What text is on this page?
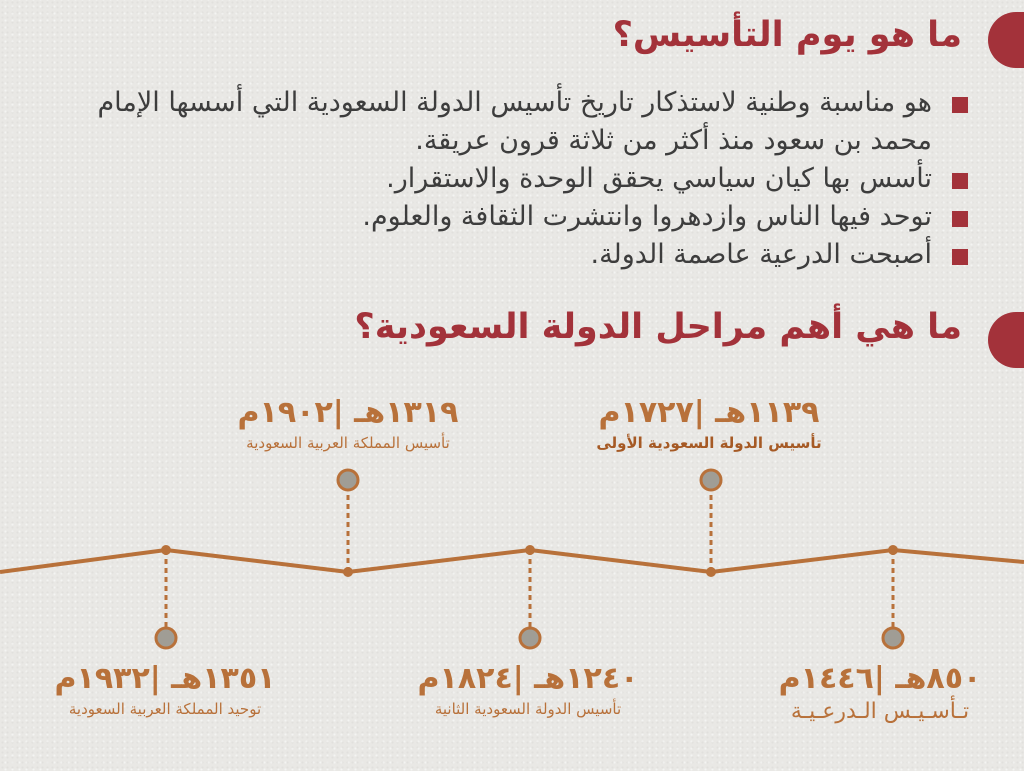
ما هو يوم التأسيس؟
هو مناسبة وطنية لاستذكار تاريخ تأسيس الدولة السعودية التي أسسها الإمام محمد بن سعود منذ أكثر من ثلاثة قرون عريقة.
تأسس بها كيان سياسي يحقق الوحدة والاستقرار.
توحد فيها الناس وازدهروا وانتشرت الثقافة والعلوم.
أصبحت الدرعية عاصمة الدولة.
ما هي أهم مراحل الدولة السعودية؟
٨٥٠هـ |١٤٤٦م
تـأسـيـس الـدرعـيـة
١١٣٩هـ |١٧٢٧م
تأسيس الدولة السعودية الأولى
١٢٤٠هـ |١٨٢٤م
تأسيس الدولة السعودية الثانية
١٣١٩هـ |١٩٠٢م
تأسيس المملكة العربية السعودية
١٣٥١هـ |١٩٣٢م
توحيد المملكة العربية السعودية
